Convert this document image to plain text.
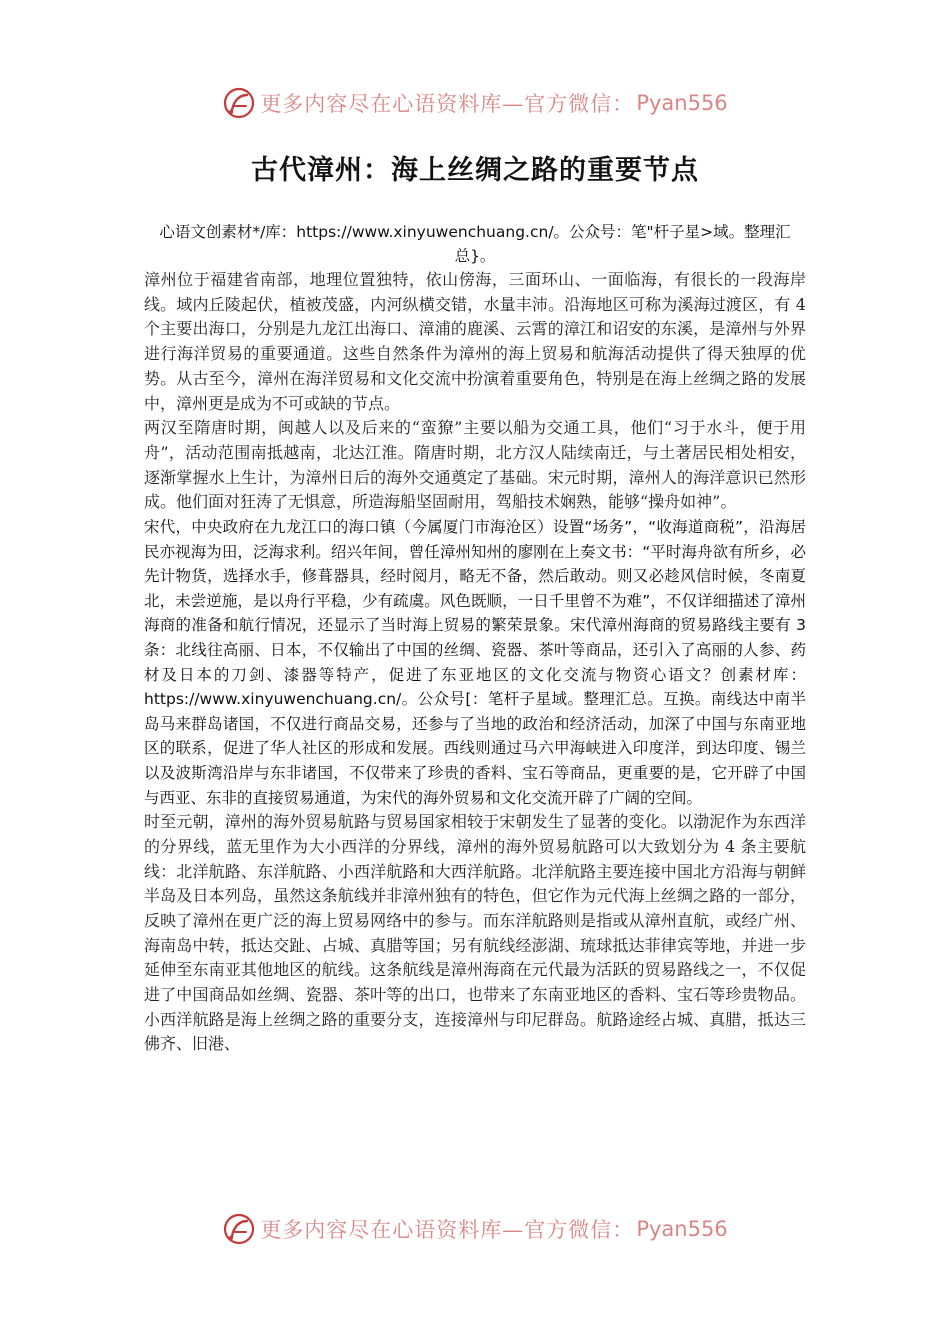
更多内容尽在心语资料库—官方微信： Pyan556
古代漳州：海上丝绸之路的重要节点

心语文创素材*/库：https://www.xinyuwenchuang.cn/。公众号：笔"杆子星>域。整理汇总}。

漳州位于福建省南部，地理位置独特，依山傍海，三面环山、一面临海，有很长的一段海岸线。域内丘陵起伏，植被茂盛，内河纵横交错，水量丰沛。沿海地区可称为溪海过渡区，有 4 个主要出海口，分别是九龙江出海口、漳浦的鹿溪、云霄的漳江和诏安的东溪，是漳州与外界进行海洋贸易的重要通道。这些自然条件为漳州的海上贸易和航海活动提供了得天独厚的优势。从古至今，漳州在海洋贸易和文化交流中扮演着重要角色，特别是在海上丝绸之路的发展中，漳州更是成为不可或缺的节点。

两汉至隋唐时期，闽越人以及后来的“蛮獠”主要以船为交通工具，他们“习于水斗，便于用舟”，活动范围南抵越南，北达江淮。隋唐时期，北方汉人陆续南迁，与土著居民相处相安，逐渐掌握水上生计，为漳州日后的海外交通奠定了基础。宋元时期，漳州人的海洋意识已然形成。他们面对狂涛了无惧意，所造海船坚固耐用，驾船技术娴熟，能够“操舟如神”。

宋代，中央政府在九龙江口的海口镇（今属厦门市海沧区）设置“场务”，“收海道商税”，沿海居民亦视海为田，泛海求利。绍兴年间，曾任漳州知州的廖刚在上奏文书：“平时海舟欲有所乡，必先计物货，选择水手，修葺器具，经时阅月，略无不备，然后敢动。则又必趁风信时候，冬南夏北，未尝逆施，是以舟行平稳，少有疏虞。风色既顺，一日千里曾不为难”，不仅详细描述了漳州海商的准备和航行情况，还显示了当时海上贸易的繁荣景象。宋代漳州海商的贸易路线主要有 3 条：北线往高丽、日本，不仅输出了中国的丝绸、瓷器、茶叶等商品，还引入了高丽的人参、药材及日本的刀剑、漆器等特产，促进了东亚地区的文化交流与物资心语文？创素材库：https://www.xinyuwenchuang.cn/。公众号[：笔杆子星域。整理汇总。互换。南线达中南半岛马来群岛诸国，不仅进行商品交易，还参与了当地的政治和经济活动，加深了中国与东南亚地区的联系，促进了华人社区的形成和发展。西线则通过马六甲海峡进入印度洋，到达印度、锡兰以及波斯湾沿岸与东非诸国，不仅带来了珍贵的香料、宝石等商品，更重要的是，它开辟了中国与西亚、东非的直接贸易通道，为宋代的海外贸易和文化交流开辟了广阔的空间。

时至元朝，漳州的海外贸易航路与贸易国家相较于宋朝发生了显著的变化。以渤泥作为东西洋的分界线，蓝无里作为大小西洋的分界线，漳州的海外贸易航路可以大致划分为 4 条主要航线：北洋航路、东洋航路、小西洋航路和大西洋航路。北洋航路主要连接中国北方沿海与朝鲜半岛及日本列岛，虽然这条航线并非漳州独有的特色，但它作为元代海上丝绸之路的一部分，反映了漳州在更广泛的海上贸易网络中的参与。而东洋航路则是指或从漳州直航，或经广州、海南岛中转，抵达交趾、占城、真腊等国；另有航线经澎湖、琉球抵达菲律宾等地，并进一步延伸至东南亚其他地区的航线。这条航线是漳州海商在元代最为活跃的贸易路线之一，不仅促进了中国商品如丝绸、瓷器、茶叶等的出口，也带来了东南亚地区的香料、宝石等珍贵物品。小西洋航路是海上丝绸之路的重要分支，连接漳州与印尼群岛。航路途经占城、真腊，抵达三佛齐、旧港、

更多内容尽在心语资料库—官方微信： Pyan556
